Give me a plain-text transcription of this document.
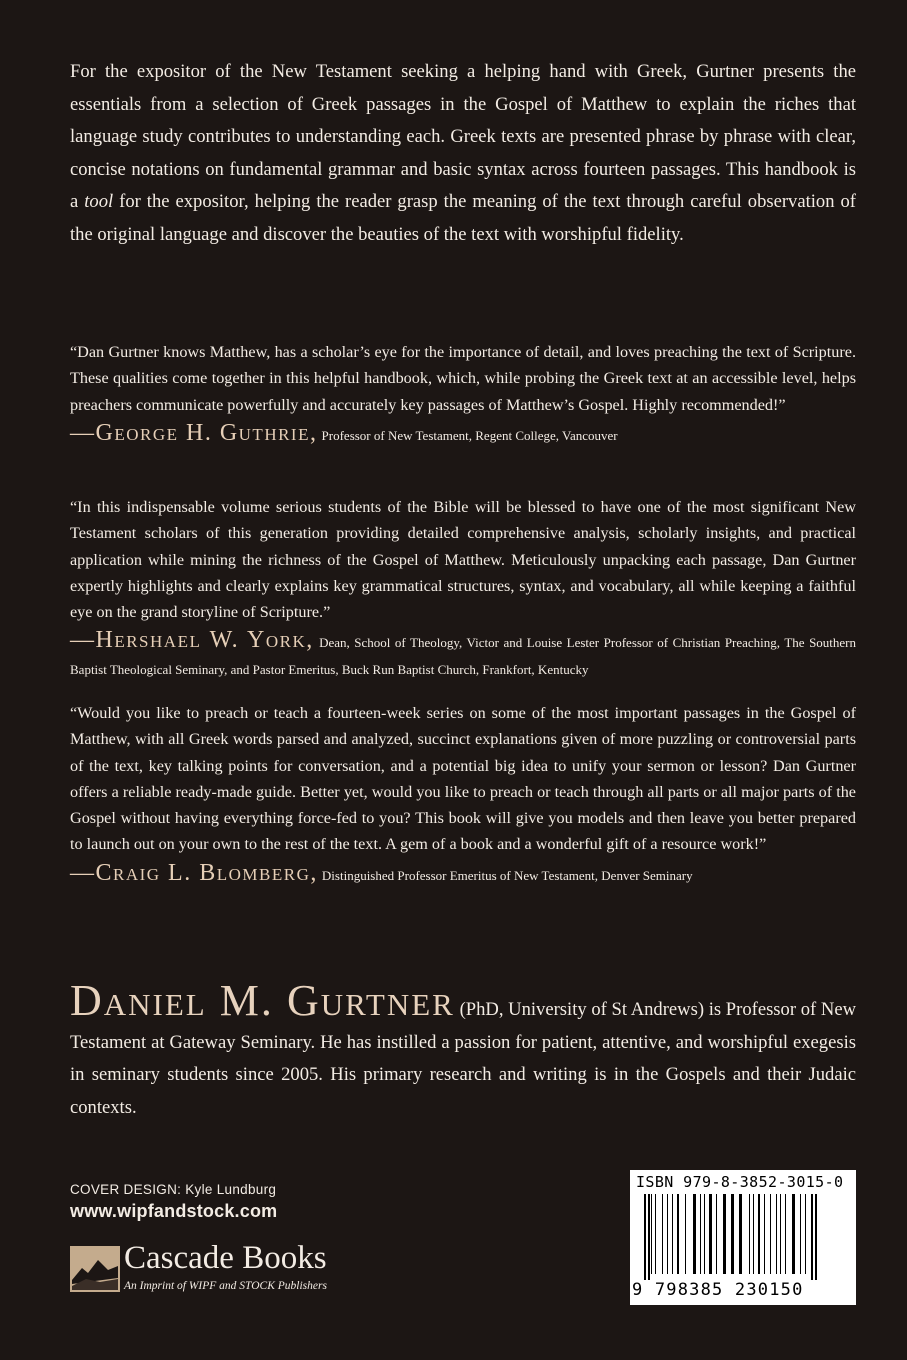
For the expositor of the New Testament seeking a helping hand with Greek, Gurtner presents the essentials from a selection of Greek passages in the Gospel of Matthew to explain the riches that language study contributes to understanding each. Greek texts are presented phrase by phrase with clear, concise notations on fundamental grammar and basic syntax across fourteen passages. This handbook is a tool for the expositor, helping the reader grasp the meaning of the text through careful observation of the original language and discover the beauties of the text with worshipful fidelity.
“Dan Gurtner knows Matthew, has a scholar’s eye for the importance of detail, and loves preaching the text of Scripture. These qualities come together in this helpful handbook, which, while probing the Greek text at an accessible level, helps preachers communicate powerfully and accurately key passages of Matthew’s Gospel. Highly recommended!”
—George H. Guthrie, Professor of New Testament, Regent College, Vancouver
“In this indispensable volume serious students of the Bible will be blessed to have one of the most significant New Testament scholars of this generation providing detailed comprehensive analysis, scholarly insights, and practical application while mining the richness of the Gospel of Matthew. Meticulously unpacking each passage, Dan Gurtner expertly highlights and clearly explains key grammatical structures, syntax, and vocabulary, all while keeping a faithful eye on the grand storyline of Scripture.”
—Hershael W. York, Dean, School of Theology, Victor and Louise Lester Professor of Christian Preaching, The Southern Baptist Theological Seminary, and Pastor Emeritus, Buck Run Baptist Church, Frankfort, Kentucky
“Would you like to preach or teach a fourteen-week series on some of the most important passages in the Gospel of Matthew, with all Greek words parsed and analyzed, succinct explanations given of more puzzling or controversial parts of the text, key talking points for conversation, and a potential big idea to unify your sermon or lesson? Dan Gurtner offers a reliable ready-made guide. Better yet, would you like to preach or teach through all parts or all major parts of the Gospel without having everything force-fed to you? This book will give you models and then leave you better prepared to launch out on your own to the rest of the text. A gem of a book and a wonderful gift of a resource work!”
—Craig L. Blomberg, Distinguished Professor Emeritus of New Testament, Denver Seminary
Daniel M. Gurtner (PhD, University of St Andrews) is Professor of New Testament at Gateway Seminary. He has instilled a passion for patient, attentive, and worshipful exegesis in seminary students since 2005. His primary research and writing is in the Gospels and their Judaic contexts.
COVER DESIGN: Kyle Lundburg
www.wipfandstock.com
Cascade Books
An Imprint of WIPF and STOCK Publishers
ISBN 979-8-3852-3015-0
9 798385 230150
